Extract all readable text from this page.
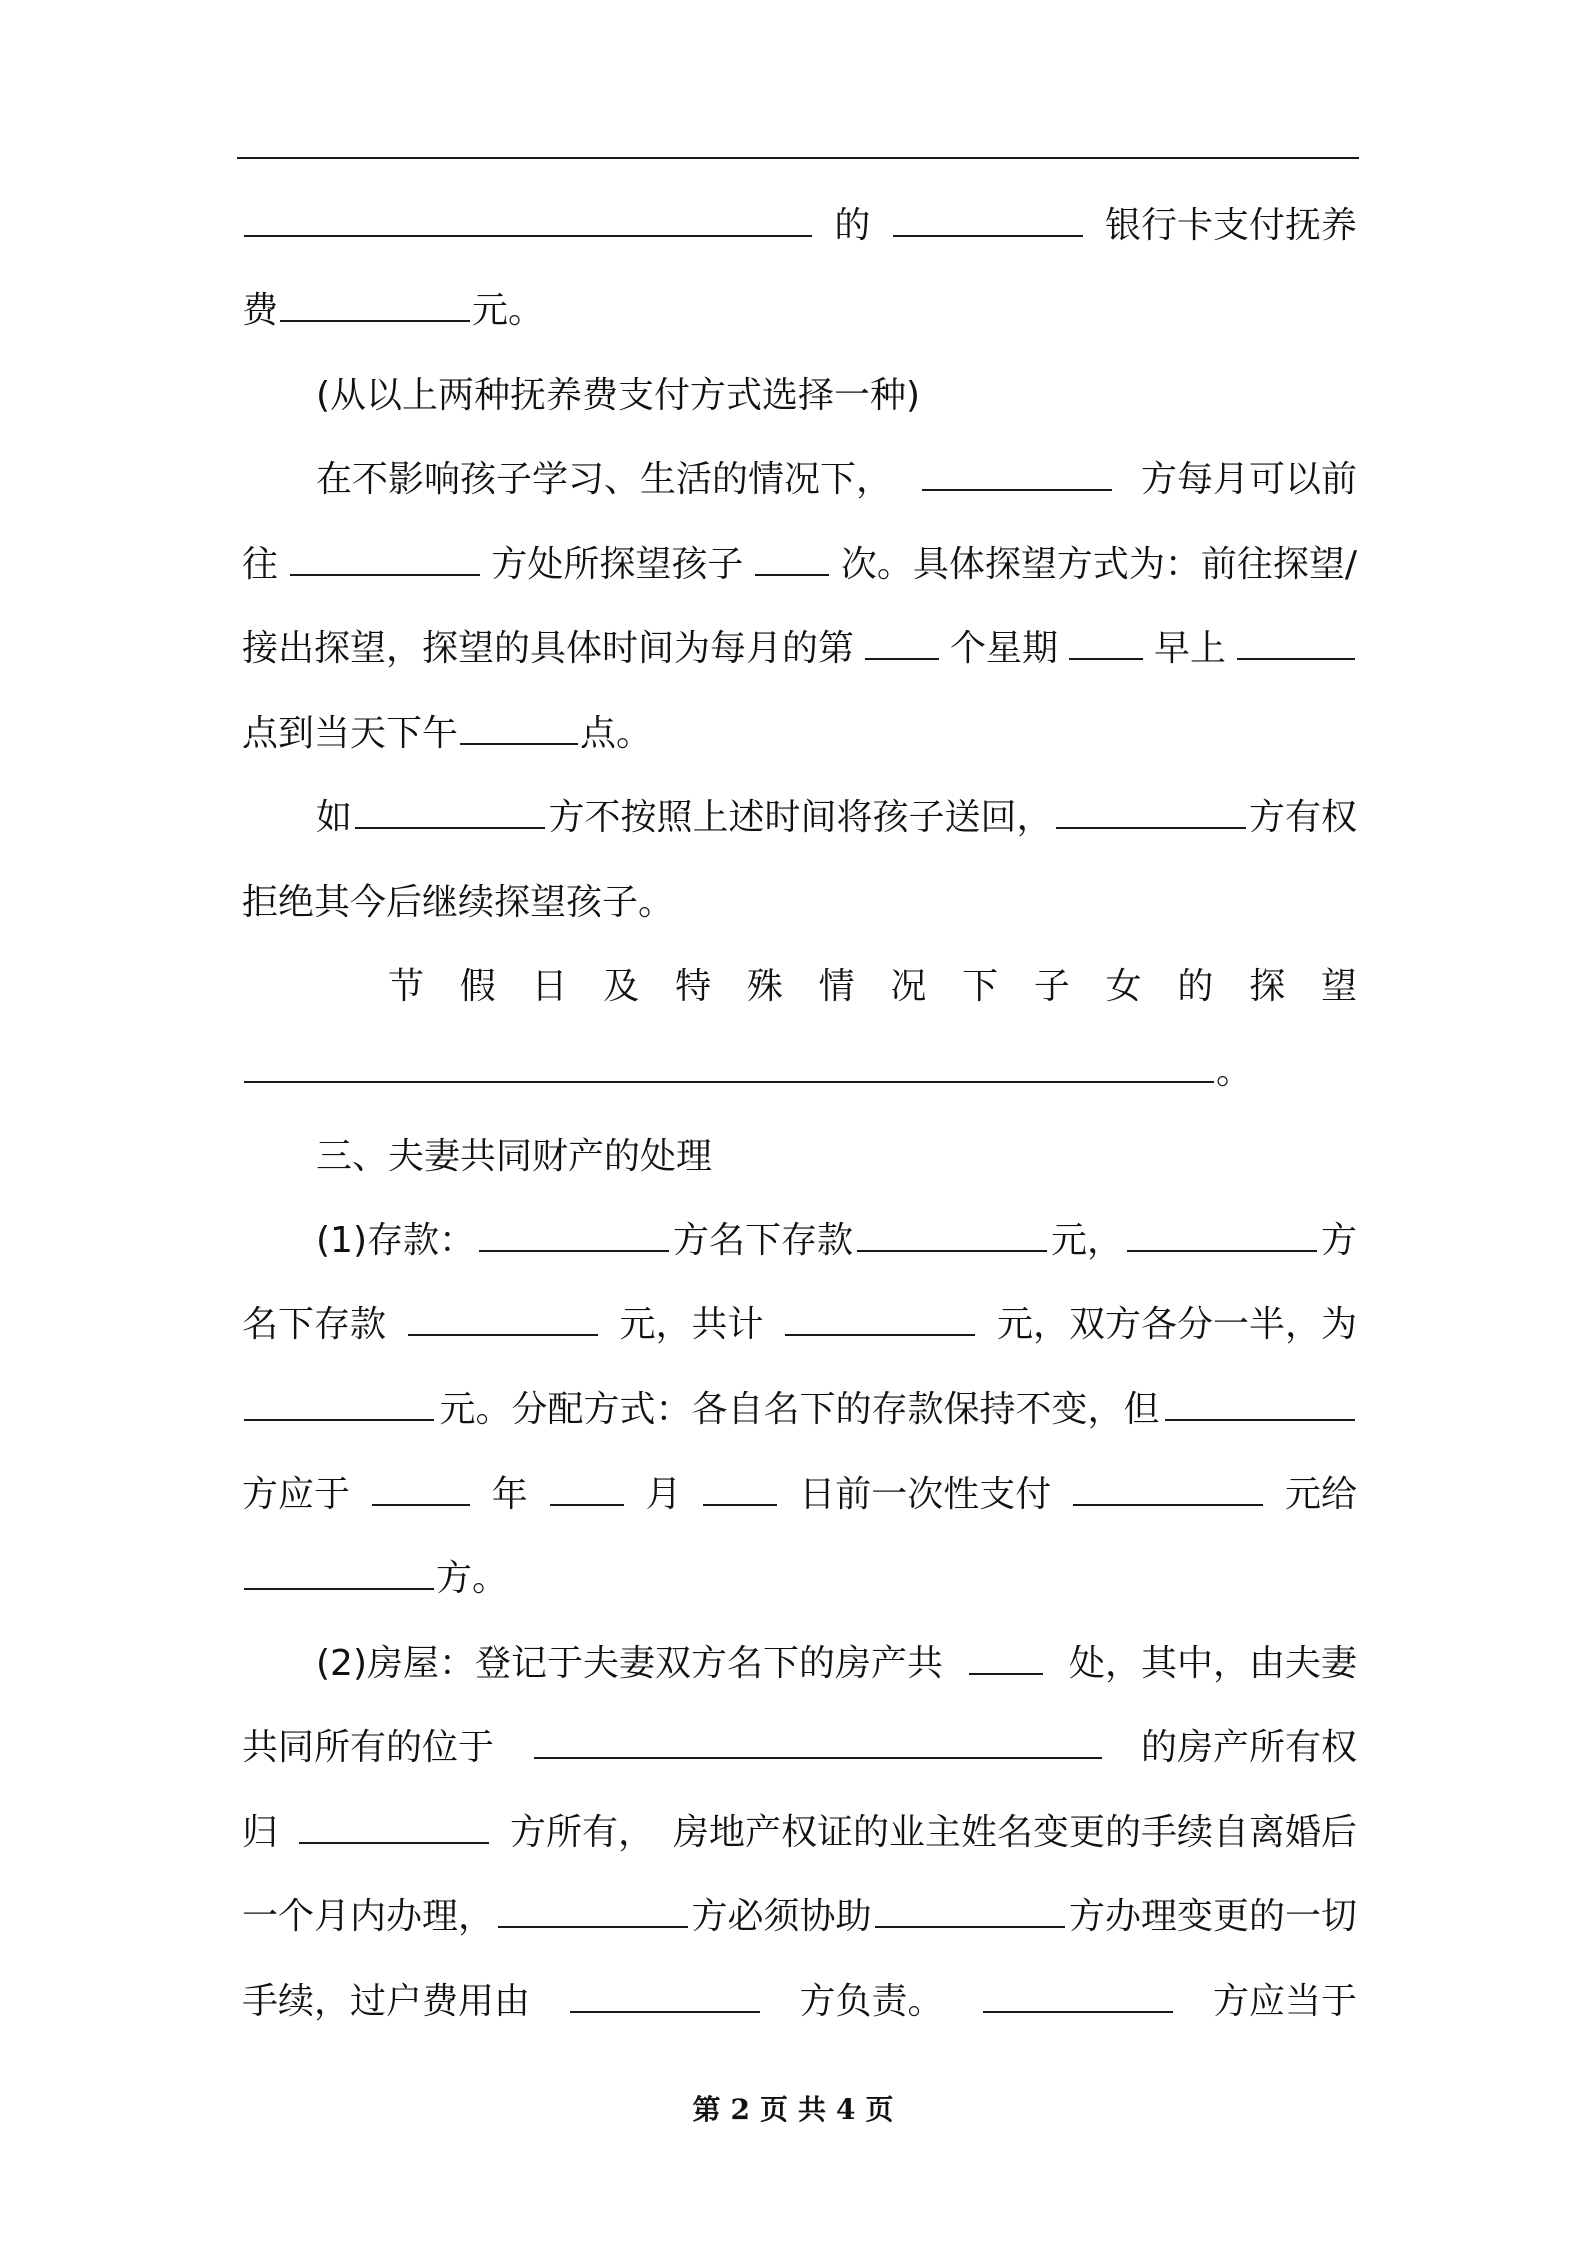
的	银行卡支付抚养
费	元。
(从以上两种抚养费支付方式选择一种)
在不影响孩子学习、生活的情况下，	方每月可以前
往	方处所探望孩子	次。具体探望方式为：前往探望/
接出探望，探望的具体时间为每月的第	个星期	早上
点到当天下午	点。
如	方不按照上述时间将孩子送回，	方有权
拒绝其今后继续探望孩子。
节 假 日 及 特 殊 情 况 下 子 女 的 探 望
。
三、夫妻共同财产的处理
(1)存款：	方名下存款	元，	方
名下存款	元，共计	元，双方各分一半，为
元。分配方式：各自名下的存款保持不变，但
方应于	年	月	日前一次性支付	元给
方。
(2)房屋：登记于夫妻双方名下的房产共	处，其中，由夫妻
共同所有的位于	的房产所有权
归	方所有， 房地产权证的业主姓名变更的手续自离婚后
一个月内办理，	方必须协助	方办理变更的一切
手续，过户费用由	方负责。	方应当于
第 2 页 共 4 页
